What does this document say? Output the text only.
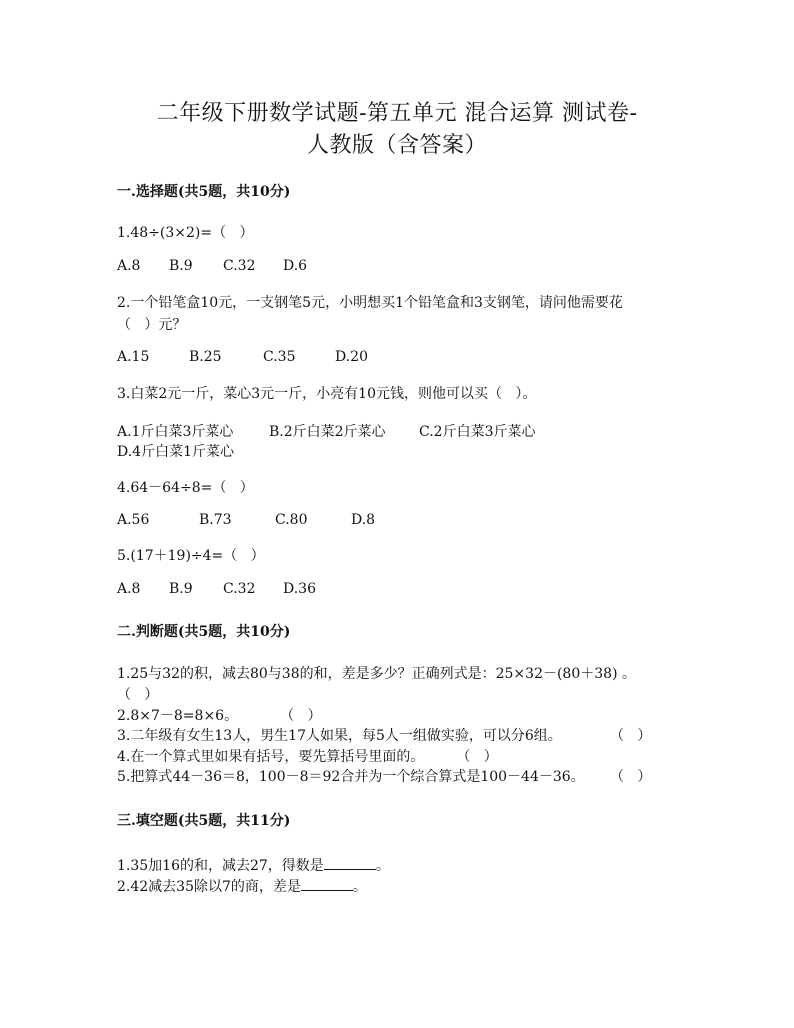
二年级下册数学试题-第五单元 混合运算 测试卷-
人教版（含答案）
一.选择题(共5题，共10分)
1.48÷(3×2)=（   ）
A.8 B.9 C.32 D.6
2.一个铅笔盒10元，一支钢笔5元，小明想买1个铅笔盒和3支钢笔，请问他需要花
（   ）元？
A.15	B.25	C.35	D.20
3.白菜2元一斤，菜心3元一斤，小亮有10元钱，则他可以买（   ）。
A.1斤白菜3斤菜心	B.2斤白菜2斤菜心 C.2斤白菜3斤菜心
D.4斤白菜1斤菜心
4.64－64÷8=（   ）
A.56	B.73	C.80	D.8
5.(17＋19)÷4=（   ）
A.8 B.9 C.32 D.36
二.判断题(共5题，共10分)
1.25与32的积，减去80与38的和，差是多少？正确列式是：25×32－(80＋38) 。
（   ）
2.8×7－8=8×6。	（   ）
3.二年级有女生13人，男生17人如果，每5人一组做实验，可以分6组。	（   ）
4.在一个算式里如果有括号，要先算括号里面的。 （   ）
5.把算式44－36＝8，100－8＝92合并为一个综合算式是100－44－36。 （   ）
三.填空题(共5题，共11分)
1.35加16的和，减去27，得数是	。
2.42减去35除以7的商，差是	。
